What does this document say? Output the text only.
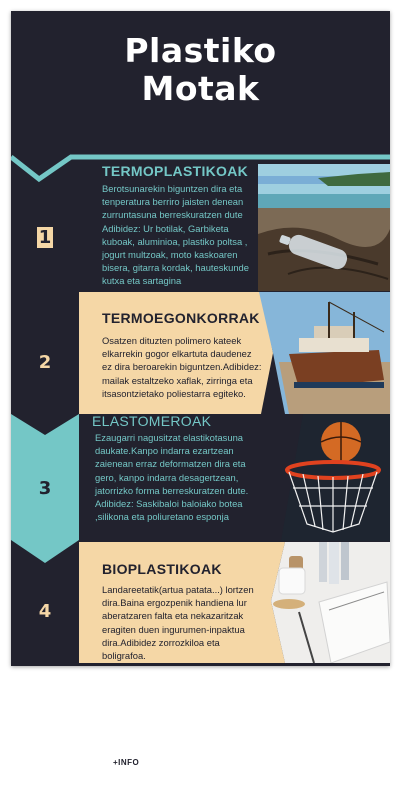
Plastiko
Motak
1
TERMOPLASTIKOAK
Berotsunarekin biguntzen dira eta tenperatura berriro jaisten denean zurruntasuna berreskuratzen dute Adibidez: Ur botilak, Garbiketa kuboak, aluminioa, plastiko poltsa , jogurt multzoak, moto kaskoaren bisera, gitarra kordak, hauteskunde kutxa eta sartagina
2
TERMOEGONKORRAK
Osatzen dituzten polimero kateek elkarrekin gogor elkartuta daudenez ez dira beroarekin biguntzen.Adibidez: mailak estaltzeko xaflak, zirringa eta itsasontzietako poliestarra egiteko.
3
ELASTOMEROAK
Ezaugarri nagusitzat elastikotasuna daukate.Kanpo indarra ezartzean zaienean erraz deformatzen dira eta gero, kanpo indarra desagertzean, jatorrizko forma berreskuratzen dute. Adibidez: Saskibaloi baloiako botea ,silikona eta poliuretano esponja
4
BIOPLASTIKOAK
Landareetatik(artua patata...) lortzen dira.Baina ergozpenik handiena lur aberatzaren falta eta nekazaritzak eragiten duen ingurumen-inpaktua dira.Adibidez zorrozkiloa eta boligrafoa.
+INFO
